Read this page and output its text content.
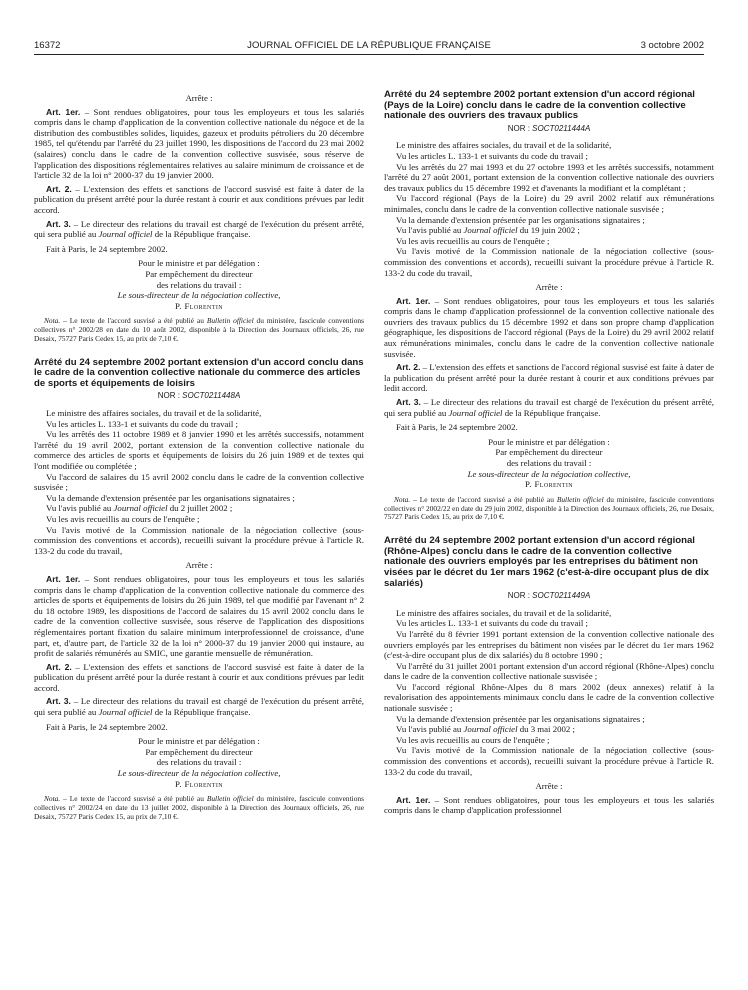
16372	JOURNAL OFFICIEL DE LA RÉPUBLIQUE FRANÇAISE	3 octobre 2002

Arrête :

Art. 1er. – Sont rendues obligatoires, pour tous les employeurs et tous les salariés compris dans le champ d'application de la convention collective nationale du négoce et de la distribution des combustibles solides, liquides, gazeux et produits pétroliers du 20 décembre 1985, tel qu'étendu par l'arrêté du 23 juillet 1990, les dispositions de l'accord du 23 mai 2002 (salaires) conclu dans le cadre de la convention collective susvisée, sous réserve de l'application des dispositions réglementaires relatives au salaire minimum de croissance et de l'article 32 de la loi n° 2000-37 du 19 janvier 2000.

Art. 2. – L'extension des effets et sanctions de l'accord susvisé est faite à dater de la publication du présent arrêté pour la durée restant à courir et aux conditions prévues par ledit accord.

Art. 3. – Le directeur des relations du travail est chargé de l'exécution du présent arrêté, qui sera publié au Journal officiel de la République française.

Fait à Paris, le 24 septembre 2002.

Pour le ministre et par délégation :

Par empêchement du directeur

des relations du travail :

Le sous-directeur de la négociation collective,

P. Florentin

Nota. – Le texte de l'accord susvisé a été publié au Bulletin officiel du ministère, fascicule conventions collectives n° 2002/28 en date du 10 août 2002, disponible à la Direction des Journaux officiels, 26, rue Desaix, 75727 Paris Cedex 15, au prix de 7,10 €.

Arrêté du 24 septembre 2002 portant extension d'un accord conclu dans le cadre de la convention collective nationale du commerce des articles de sports et équipements de loisirs

NOR : SOCT0211448A

Le ministre des affaires sociales, du travail et de la solidarité,

Vu les articles L. 133-1 et suivants du code du travail ;

Vu les arrêtés des 11 octobre 1989 et 8 janvier 1990 et les arrêtés successifs, notamment l'arrêté du 19 avril 2002, portant extension de la convention collective nationale du commerce des articles de sports et équipements de loisirs du 26 juin 1989 et de textes qui l'ont modifiée ou complétée ;

Vu l'accord de salaires du 15 avril 2002 conclu dans le cadre de la convention collective susvisée ;

Vu la demande d'extension présentée par les organisations signataires ;

Vu l'avis publié au Journal officiel du 2 juillet 2002 ;

Vu les avis recueillis au cours de l'enquête ;

Vu l'avis motivé de la Commission nationale de la négociation collective (sous-commission des conventions et accords), recueilli suivant la procédure prévue à l'article R. 133-2 du code du travail,

Arrête :

Art. 1er. – Sont rendues obligatoires, pour tous les employeurs et tous les salariés compris dans le champ d'application de la convention collective nationale du commerce des articles de sports et équipements de loisirs du 26 juin 1989, tel que modifié par l'avenant n° 2 du 18 octobre 1989, les dispositions de l'accord de salaires du 15 avril 2002 conclu dans le cadre de la convention collective susvisée, sous réserve de l'application des dispositions réglementaires portant fixation du salaire minimum interprofessionnel de croissance, d'une part, et, d'autre part, de l'article 32 de la loi n° 2000-37 du 19 janvier 2000 qui instaure, au profit de salariés rémunérés au SMIC, une garantie mensuelle de rémunération.

Art. 2. – L'extension des effets et sanctions de l'accord susvisé est faite à dater de la publication du présent arrêté pour la durée restant à courir et aux conditions prévues par ledit accord.

Art. 3. – Le directeur des relations du travail est chargé de l'exécution du présent arrêté, qui sera publié au Journal officiel de la République française.

Fait à Paris, le 24 septembre 2002.

Pour le ministre et par délégation :

Par empêchement du directeur

des relations du travail :

Le sous-directeur de la négociation collective,

P. Florentin

Nota. – Le texte de l'accord susvisé a été publié au Bulletin officiel du ministère, fascicule conventions collectives n° 2002/24 en date du 13 juillet 2002, disponible à la Direction des Journaux officiels, 26, rue Desaix, 75727 Paris Cedex 15, au prix de 7,10 €.

Arrêté du 24 septembre 2002 portant extension d'un accord régional (Pays de la Loire) conclu dans le cadre de la convention collective nationale des ouvriers des travaux publics

NOR : SOCT0211444A

Le ministre des affaires sociales, du travail et de la solidarité,

Vu les articles L. 133-1 et suivants du code du travail ;

Vu les arrêtés du 27 mai 1993 et du 27 octobre 1993 et les arrêtés successifs, notamment l'arrêté du 27 août 2001, portant extension de la convention collective nationale des ouvriers des travaux publics du 15 décembre 1992 et d'avenants la modifiant et la complétant ;

Vu l'accord régional (Pays de la Loire) du 29 avril 2002 relatif aux rémunérations minimales, conclu dans le cadre de la convention collective nationale susvisée ;

Vu la demande d'extension présentée par les organisations signataires ;

Vu l'avis publié au Journal officiel du 19 juin 2002 ;

Vu les avis recueillis au cours de l'enquête ;

Vu l'avis motivé de la Commission nationale de la négociation collective (sous-commission des conventions et accords), recueilli suivant la procédure prévue à l'article R. 133-2 du code du travail,

Arrête :

Art. 1er. – Sont rendues obligatoires, pour tous les employeurs et tous les salariés compris dans le champ d'application professionnel de la convention collective nationale des ouvriers des travaux publics du 15 décembre 1992 et dans son propre champ d'application géographique, les dispositions de l'accord régional (Pays de la Loire) du 29 avril 2002 relatif aux rémunérations minimales, conclu dans le cadre de la convention collective nationale susvisée.

Art. 2. – L'extension des effets et sanctions de l'accord régional susvisé est faite à dater de la publication du présent arrêté pour la durée restant à courir et aux conditions prévues par ledit accord.

Art. 3. – Le directeur des relations du travail est chargé de l'exécution du présent arrêté, qui sera publié au Journal officiel de la République française.

Fait à Paris, le 24 septembre 2002.

Pour le ministre et par délégation :

Par empêchement du directeur

des relations du travail :

Le sous-directeur de la négociation collective,

P. Florentin

Nota. – Le texte de l'accord susvisé a été publié au Bulletin officiel du ministère, fascicule conventions collectives n° 2002/22 en date du 29 juin 2002, disponible à la Direction des Journaux officiels, 26, rue Desaix, 75727 Paris Cedex 15, au prix de 7,10 €.

Arrêté du 24 septembre 2002 portant extension d'un accord régional (Rhône-Alpes) conclu dans le cadre de la convention collective nationale des ouvriers employés par les entreprises du bâtiment non visées par le décret du 1er mars 1962 (c'est-à-dire occupant plus de dix salariés)

NOR : SOCT0211449A

Le ministre des affaires sociales, du travail et de la solidarité,

Vu les articles L. 133-1 et suivants du code du travail ;

Vu l'arrêté du 8 février 1991 portant extension de la convention collective nationale des ouvriers employés par les entreprises du bâtiment non visées par le décret du 1er mars 1962 (c'est-à-dire occupant plus de dix salariés) du 8 octobre 1990 ;

Vu l'arrêté du 31 juillet 2001 portant extension d'un accord régional (Rhône-Alpes) conclu dans le cadre de la convention collective nationale susvisée ;

Vu l'accord régional Rhône-Alpes du 8 mars 2002 (deux annexes) relatif à la revalorisation des appointements minimaux conclu dans le cadre de la convention collective nationale susvisée ;

Vu la demande d'extension présentée par les organisations signataires ;

Vu l'avis publié au Journal officiel du 3 mai 2002 ;

Vu les avis recueillis au cours de l'enquête ;

Vu l'avis motivé de la Commission nationale de la négociation collective (sous-commission des conventions et accords), recueilli suivant la procédure prévue à l'article R. 133-2 du code du travail,

Arrête :

Art. 1er. – Sont rendues obligatoires, pour tous les employeurs et tous les salariés compris dans le champ d'application professionnel
